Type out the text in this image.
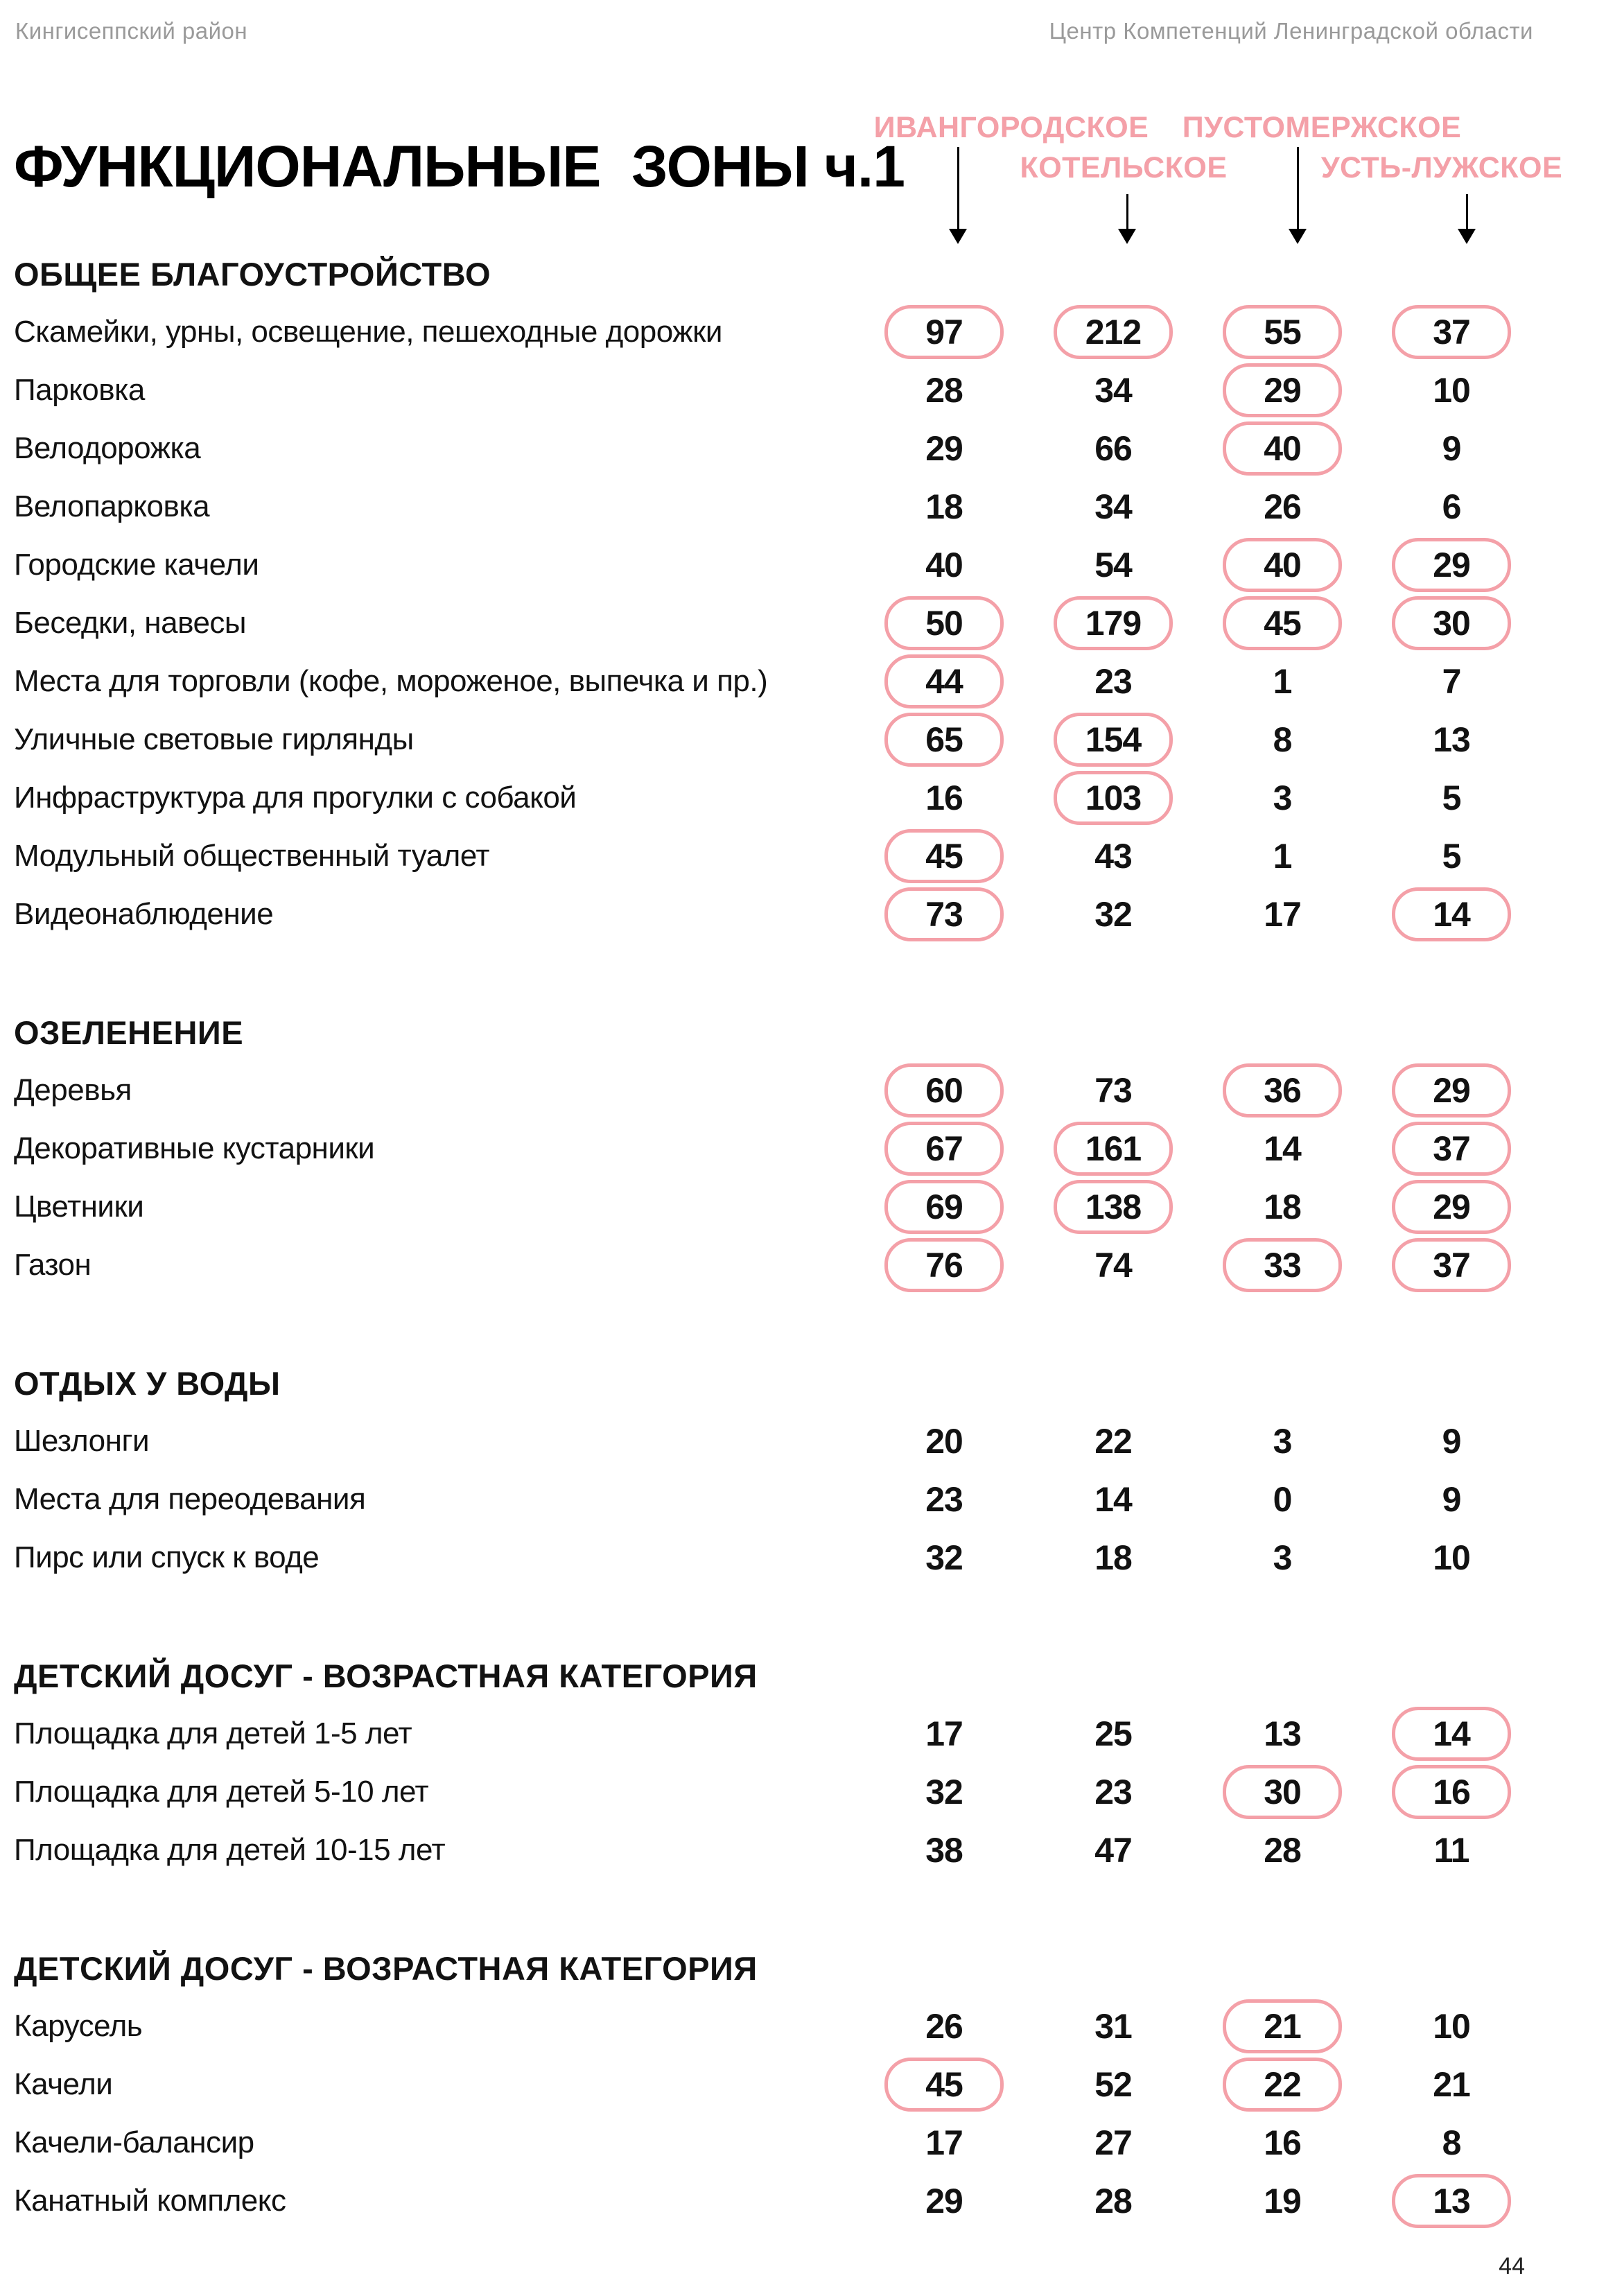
Кингисеппский район	Центр Компетенций Ленинградской области
ФУНКЦИОНАЛЬНЫЕ  ЗОНЫ ч.1
ИВАНГОРОДСКОЕ
КОТЕЛЬСКОЕ
ПУСТОМЕРЖСКОЕ
УСТЬ-ЛУЖСКОЕ
ОБЩЕЕ БЛАГОУСТРОЙСТВО
Скамейки, урны, освещение, пешеходные дорожки	97	212	55	37
Парковка	28	34	29	10
Велодорожка	29	66	40	9
Велопарковка	18	34	26	6
Городские качели	40	54	40	29
Беседки, навесы	50	179	45	30
Места для торговли (кофе, мороженое, выпечка и пр.)	44	23	1	7
Уличные световые гирлянды	65	154	8	13
Инфраструктура для прогулки с собакой	16	103	3	5
Модульный общественный туалет	45	43	1	5
Видеонаблюдение	73	32	17	14
ОЗЕЛЕНЕНИЕ
Деревья	60	73	36	29
Декоративные кустарники	67	161	14	37
Цветники	69	138	18	29
Газон	76	74	33	37
ОТДЫХ У ВОДЫ
Шезлонги	20	22	3	9
Места для переодевания	23	14	0	9
Пирс или спуск к воде	32	18	3	10
ДЕТСКИЙ ДОСУГ - ВОЗРАСТНАЯ КАТЕГОРИЯ
Площадка для детей 1-5 лет	17	25	13	14
Площадка для детей 5-10 лет	32	23	30	16
Площадка для детей 10-15 лет	38	47	28	11
ДЕТСКИЙ ДОСУГ - ВОЗРАСТНАЯ КАТЕГОРИЯ
Карусель	26	31	21	10
Качели	45	52	22	21
Качели-балансир	17	27	16	8
Канатный комплекс	29	28	19	13
44
